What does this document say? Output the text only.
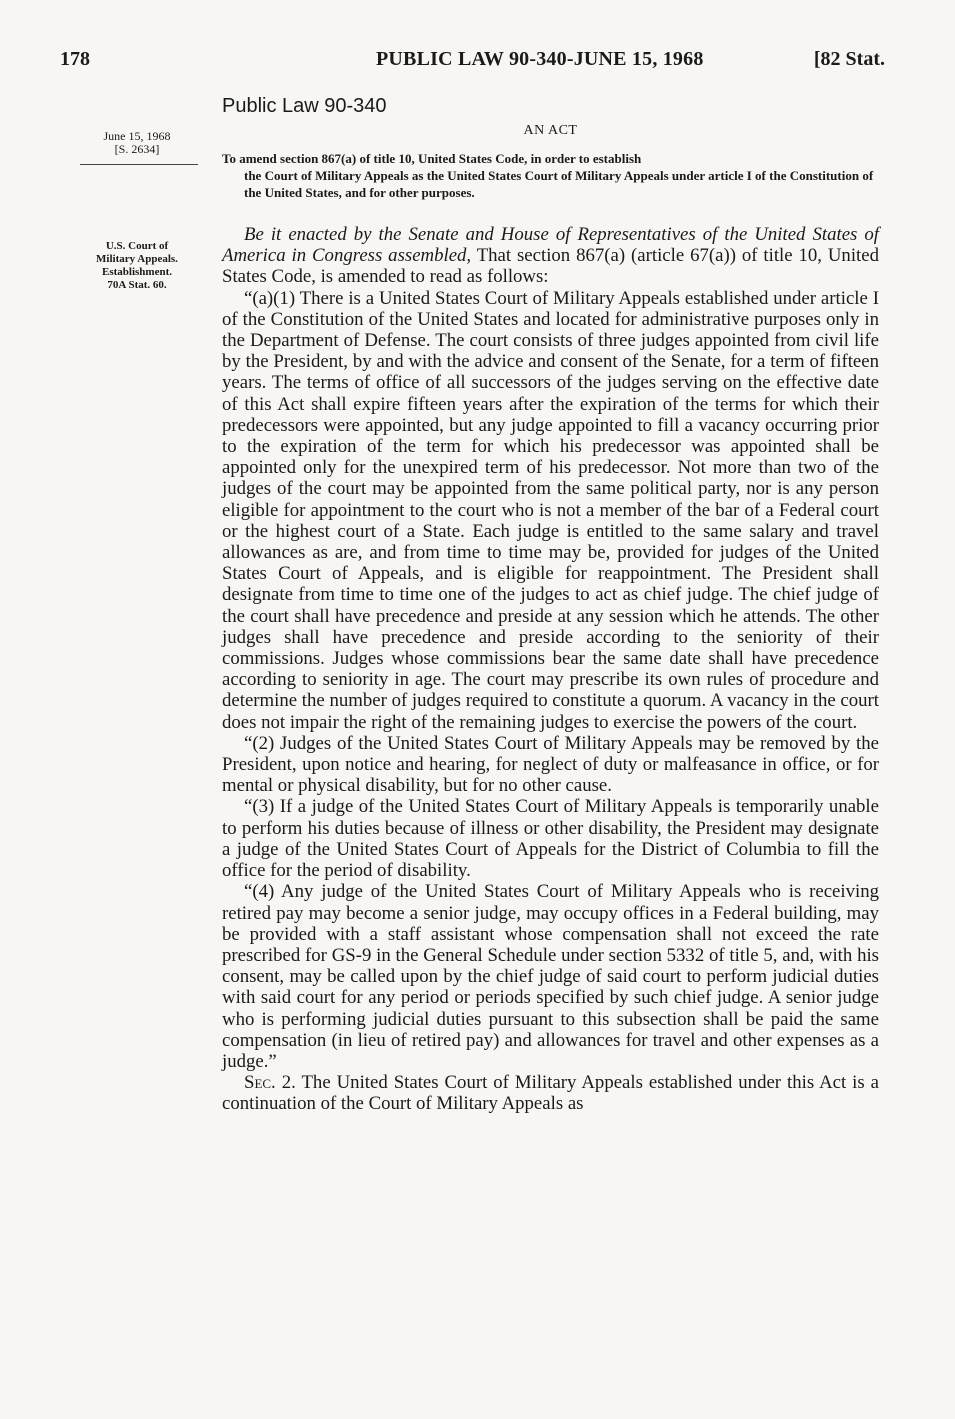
178	PUBLIC LAW 90-340-JUNE 15, 1968	[82 Stat.
June 15, 1968
[S. 2634]
U.S. Court of
Military Appeals.
Establishment.
70A Stat. 60.
Public Law 90-340
AN ACT
To amend section 867(a) of title 10, United States Code, in order to establish
the Court of Military Appeals as the United States Court of Military Appeals under article I of the Constitution of the United States, and for other purposes.

Be it enacted by the Senate and House of Representatives of the United States of America in Congress assembled, That section 867(a) (article 67(a)) of title 10, United States Code, is amended to read as follows:

“(a)(1) There is a United States Court of Military Appeals established under article I of the Constitution of the United States and located for administrative purposes only in the Department of Defense. The court consists of three judges appointed from civil life by the President, by and with the advice and consent of the Senate, for a term of fifteen years. The terms of office of all successors of the judges serving on the effective date of this Act shall expire fifteen years after the expiration of the terms for which their predecessors were appointed, but any judge appointed to fill a vacancy occurring prior to the expiration of the term for which his predecessor was appointed shall be appointed only for the unexpired term of his predecessor. Not more than two of the judges of the court may be appointed from the same political party, nor is any person eligible for appointment to the court who is not a member of the bar of a Federal court or the highest court of a State. Each judge is entitled to the same salary and travel allowances as are, and from time to time may be, provided for judges of the United States Court of Appeals, and is eligible for reappointment. The President shall designate from time to time one of the judges to act as chief judge. The chief judge of the court shall have precedence and preside at any session which he attends. The other judges shall have precedence and preside according to the seniority of their commissions. Judges whose commissions bear the same date shall have precedence according to seniority in age. The court may prescribe its own rules of procedure and determine the number of judges required to constitute a quorum. A vacancy in the court does not impair the right of the remaining judges to exercise the powers of the court.

“(2) Judges of the United States Court of Military Appeals may be removed by the President, upon notice and hearing, for neglect of duty or malfeasance in office, or for mental or physical disability, but for no other cause.

“(3) If a judge of the United States Court of Military Appeals is temporarily unable to perform his duties because of illness or other disability, the President may designate a judge of the United States Court of Appeals for the District of Columbia to fill the office for the period of disability.

“(4) Any judge of the United States Court of Military Appeals who is receiving retired pay may become a senior judge, may occupy offices in a Federal building, may be provided with a staff assistant whose compensation shall not exceed the rate prescribed for GS-9 in the General Schedule under section 5332 of title 5, and, with his consent, may be called upon by the chief judge of said court to perform judicial duties with said court for any period or periods specified by such chief judge. A senior judge who is performing judicial duties pursuant to this subsection shall be paid the same compensation (in lieu of retired pay) and allowances for travel and other expenses as a judge.”

Sec. 2. The United States Court of Military Appeals established under this Act is a continuation of the Court of Military Appeals as
